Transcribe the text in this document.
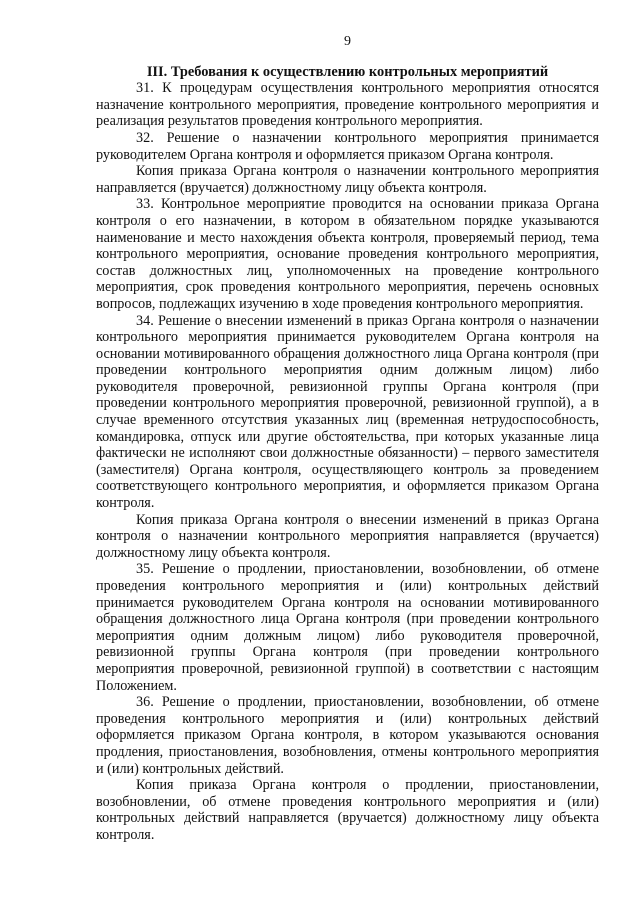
9
III. Требования к осуществлению контрольных мероприятий

31. К процедурам осуществления контрольного мероприятия относятся назначение контрольного мероприятия, проведение контрольного мероприятия и реализация результатов проведения контрольного мероприятия.

32. Решение о назначении контрольного мероприятия принимается руководителем Органа контроля и оформляется приказом Органа контроля.

Копия приказа Органа контроля о назначении контрольного мероприятия направляется (вручается) должностному лицу объекта контроля.

33. Контрольное мероприятие проводится на основании приказа Органа контроля о его назначении, в котором в обязательном порядке указываются наименование и место нахождения объекта контроля, проверяемый период, тема контрольного мероприятия, основание проведения контрольного мероприятия, состав должностных лиц, уполномоченных на проведение контрольного мероприятия, срок проведения контрольного мероприятия, перечень основных вопросов, подлежащих изучению в ходе проведения контрольного мероприятия.

34. Решение о внесении изменений в приказ Органа контроля о назначении контрольного мероприятия принимается руководителем Органа контроля на основании мотивированного обращения должностного лица Органа контроля (при проведении контрольного мероприятия одним должным лицом) либо руководителя проверочной, ревизионной группы Органа контроля (при проведении контрольного мероприятия проверочной, ревизионной группой), а в случае временного отсутствия указанных лиц (временная нетрудоспособность, командировка, отпуск или другие обстоятельства, при которых указанные лица фактически не исполняют свои должностные обязанности) – первого заместителя (заместителя) Органа контроля, осуществляющего контроль за проведением соответствующего контрольного мероприятия, и оформляется приказом Органа контроля.

Копия приказа Органа контроля о внесении изменений в приказ Органа контроля о назначении контрольного мероприятия направляется (вручается) должностному лицу объекта контроля.

35. Решение о продлении, приостановлении, возобновлении, об отмене проведения контрольного мероприятия и (или) контрольных действий принимается руководителем Органа контроля на основании мотивированного обращения должностного лица Органа контроля (при проведении контрольного мероприятия одним должным лицом) либо руководителя проверочной, ревизионной группы Органа контроля (при проведении контрольного мероприятия проверочной, ревизионной группой) в соответствии с настоящим Положением.

36. Решение о продлении, приостановлении, возобновлении, об отмене проведения контрольного мероприятия и (или) контрольных действий оформляется приказом Органа контроля, в котором указываются основания продления, приостановления, возобновления, отмены контрольного мероприятия и (или) контрольных действий.

Копия приказа Органа контроля о продлении, приостановлении, возобновлении, об отмене проведения контрольного мероприятия и (или) контрольных действий направляется (вручается) должностному лицу объекта контроля.
